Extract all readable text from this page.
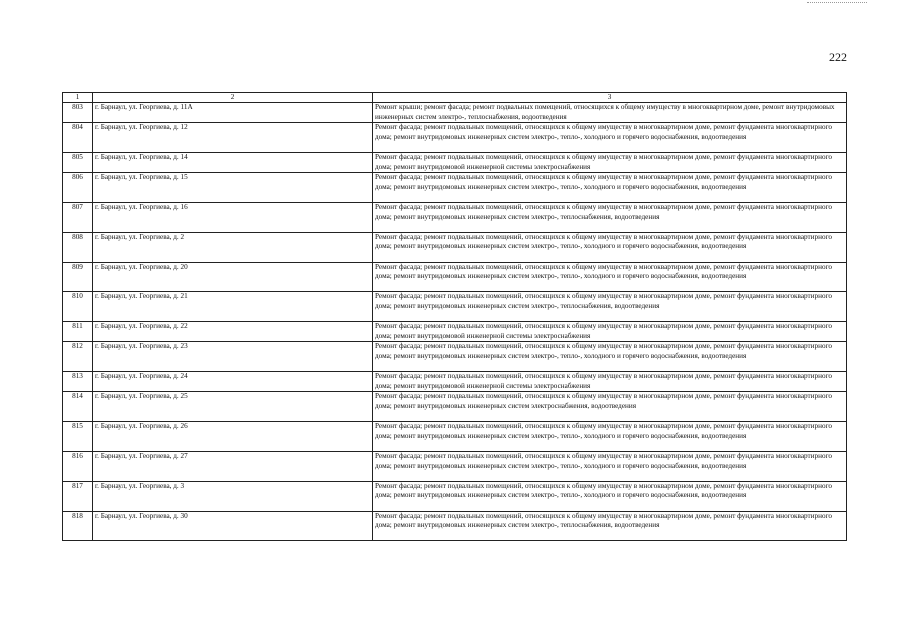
222
1	2	3
803	г. Барнаул, ул. Георгиева, д. 11А	Ремонт крыши; ремонт фасада; ремонт подвальных помещений, относящихся к общему имуществу в многоквартирном доме, ремонт внутридомовых инженерных систем электро-, теплоснабжения, водоотведения
804	г. Барнаул, ул. Георгиева, д. 12	Ремонт фасада; ремонт подвальных помещений, относящихся к общему имуществу в многоквартирном доме, ремонт фундамента многоквартирного дома; ремонт внутридомовых инженерных систем электро-, тепло-, холодного и горячего водоснабжения, водоотведения
805	г. Барнаул, ул. Георгиева, д. 14	Ремонт фасада; ремонт подвальных помещений, относящихся к общему имуществу в многоквартирном доме, ремонт фундамента многоквартирного дома; ремонт внутридомовой инженерной системы электроснабжения
806	г. Барнаул, ул. Георгиева, д. 15	Ремонт фасада; ремонт подвальных помещений, относящихся к общему имуществу в многоквартирном доме, ремонт фундамента многоквартирного дома; ремонт внутридомовых инженерных систем электро-, тепло-, холодного и горячего водоснабжения, водоотведения
807	г. Барнаул, ул. Георгиева, д. 16	Ремонт фасада; ремонт подвальных помещений, относящихся к общему имуществу в многоквартирном доме, ремонт фундамента многоквартирного дома; ремонт внутридомовых инженерных систем электро-, теплоснабжения, водоотведения
808	г. Барнаул, ул. Георгиева, д. 2	Ремонт фасада; ремонт подвальных помещений, относящихся к общему имуществу в многоквартирном доме, ремонт фундамента многоквартирного дома; ремонт внутридомовых инженерных систем электро-, тепло-, холодного и горячего водоснабжения, водоотведения
809	г. Барнаул, ул. Георгиева, д. 20	Ремонт фасада; ремонт подвальных помещений, относящихся к общему имуществу в многоквартирном доме, ремонт фундамента многоквартирного дома; ремонт внутридомовых инженерных систем электро-, тепло-, холодного и горячего водоснабжения, водоотведения
810	г. Барнаул, ул. Георгиева, д. 21	Ремонт фасада; ремонт подвальных помещений, относящихся к общему имуществу в многоквартирном доме, ремонт фундамента многоквартирного дома; ремонт внутридомовых инженерных систем электро-, теплоснабжения, водоотведения
811	г. Барнаул, ул. Георгиева, д. 22	Ремонт фасада; ремонт подвальных помещений, относящихся к общему имуществу в многоквартирном доме, ремонт фундамента многоквартирного дома; ремонт внутридомовой инженерной системы электроснабжения
812	г. Барнаул, ул. Георгиева, д. 23	Ремонт фасада; ремонт подвальных помещений, относящихся к общему имуществу в многоквартирном доме, ремонт фундамента многоквартирного дома; ремонт внутридомовых инженерных систем электро-, тепло-, холодного и горячего водоснабжения, водоотведения
813	г. Барнаул, ул. Георгиева, д. 24	Ремонт фасада; ремонт подвальных помещений, относящихся к общему имуществу в многоквартирном доме, ремонт фундамента многоквартирного дома; ремонт внутридомовой инженерной системы электроснабжения
814	г. Барнаул, ул. Георгиева, д. 25	Ремонт фасада; ремонт подвальных помещений, относящихся к общему имуществу в многоквартирном доме, ремонт фундамента многоквартирного дома; ремонт внутридомовых инженерных систем электроснабжения, водоотведения
815	г. Барнаул, ул. Георгиева, д. 26	Ремонт фасада; ремонт подвальных помещений, относящихся к общему имуществу в многоквартирном доме, ремонт фундамента многоквартирного дома; ремонт внутридомовых инженерных систем электро-, тепло-, холодного и горячего водоснабжения, водоотведения
816	г. Барнаул, ул. Георгиева, д. 27	Ремонт фасада; ремонт подвальных помещений, относящихся к общему имуществу в многоквартирном доме, ремонт фундамента многоквартирного дома; ремонт внутридомовых инженерных систем электро-, тепло-, холодного и горячего водоснабжения, водоотведения
817	г. Барнаул, ул. Георгиева, д. 3	Ремонт фасада; ремонт подвальных помещений, относящихся к общему имуществу в многоквартирном доме, ремонт фундамента многоквартирного дома; ремонт внутридомовых инженерных систем электро-, тепло-, холодного и горячего водоснабжения, водоотведения
818	г. Барнаул, ул. Георгиева, д. 30	Ремонт фасада; ремонт подвальных помещений, относящихся к общему имуществу в многоквартирном доме, ремонт фундамента многоквартирного дома; ремонт внутридомовых инженерных систем электро-, теплоснабжения, водоотведения
